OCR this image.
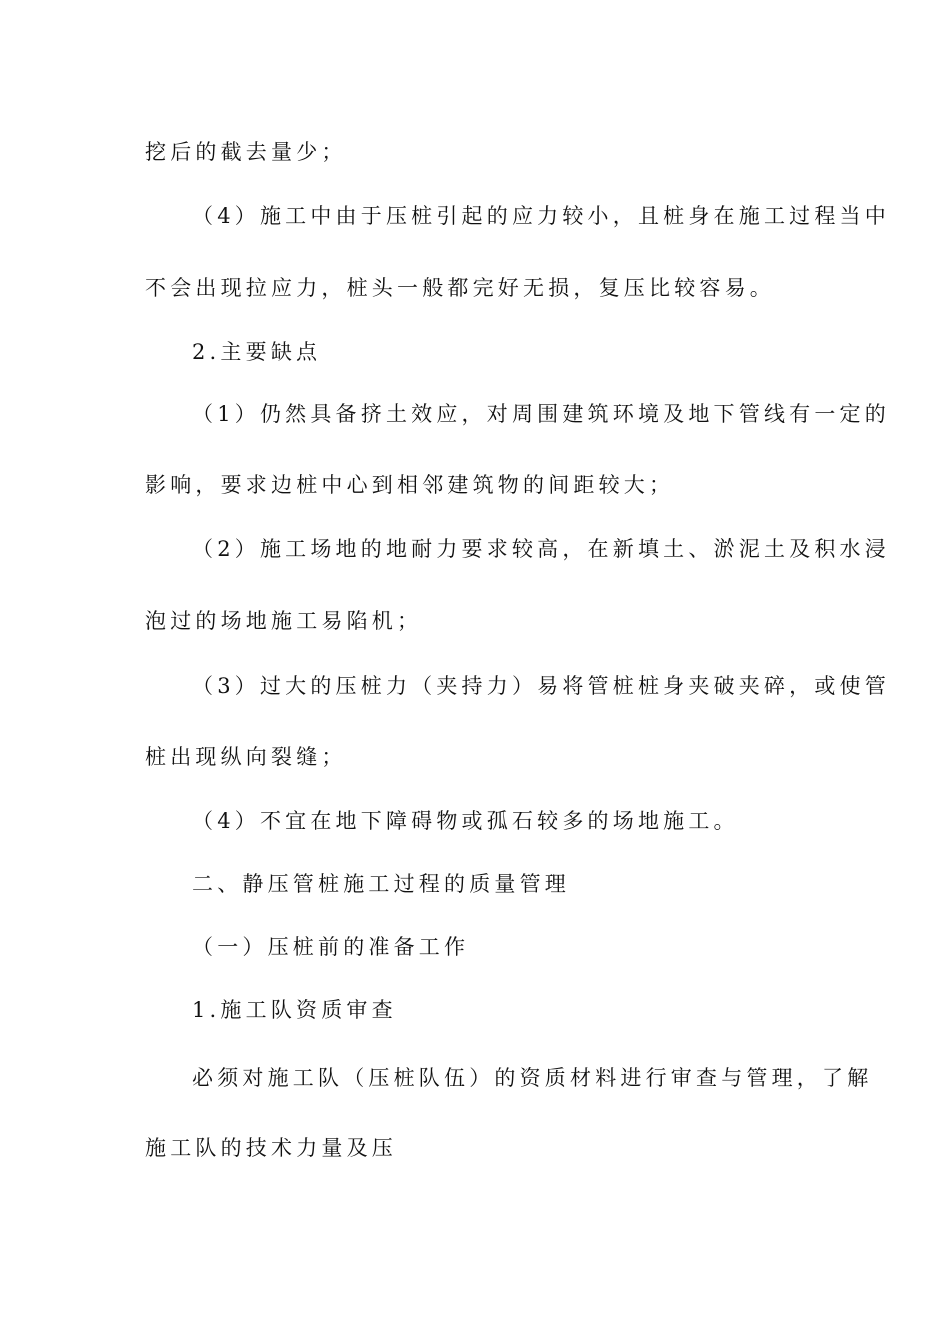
挖后的截去量少；
（4）施工中由于压桩引起的应力较小，且桩身在施工过程当中
不会出现拉应力，桩头一般都完好无损，复压比较容易。
2.主要缺点
（1）仍然具备挤土效应，对周围建筑环境及地下管线有一定的
影响，要求边桩中心到相邻建筑物的间距较大；
（2）施工场地的地耐力要求较高，在新填土、淤泥土及积水浸
泡过的场地施工易陷机；
（3）过大的压桩力（夹持力）易将管桩桩身夹破夹碎，或使管
桩出现纵向裂缝；
（4）不宜在地下障碍物或孤石较多的场地施工。
二、静压管桩施工过程的质量管理
（一）压桩前的准备工作
1.施工队资质审查
必须对施工队（压桩队伍）的资质材料进行审查与管理，了解
施工队的技术力量及压
